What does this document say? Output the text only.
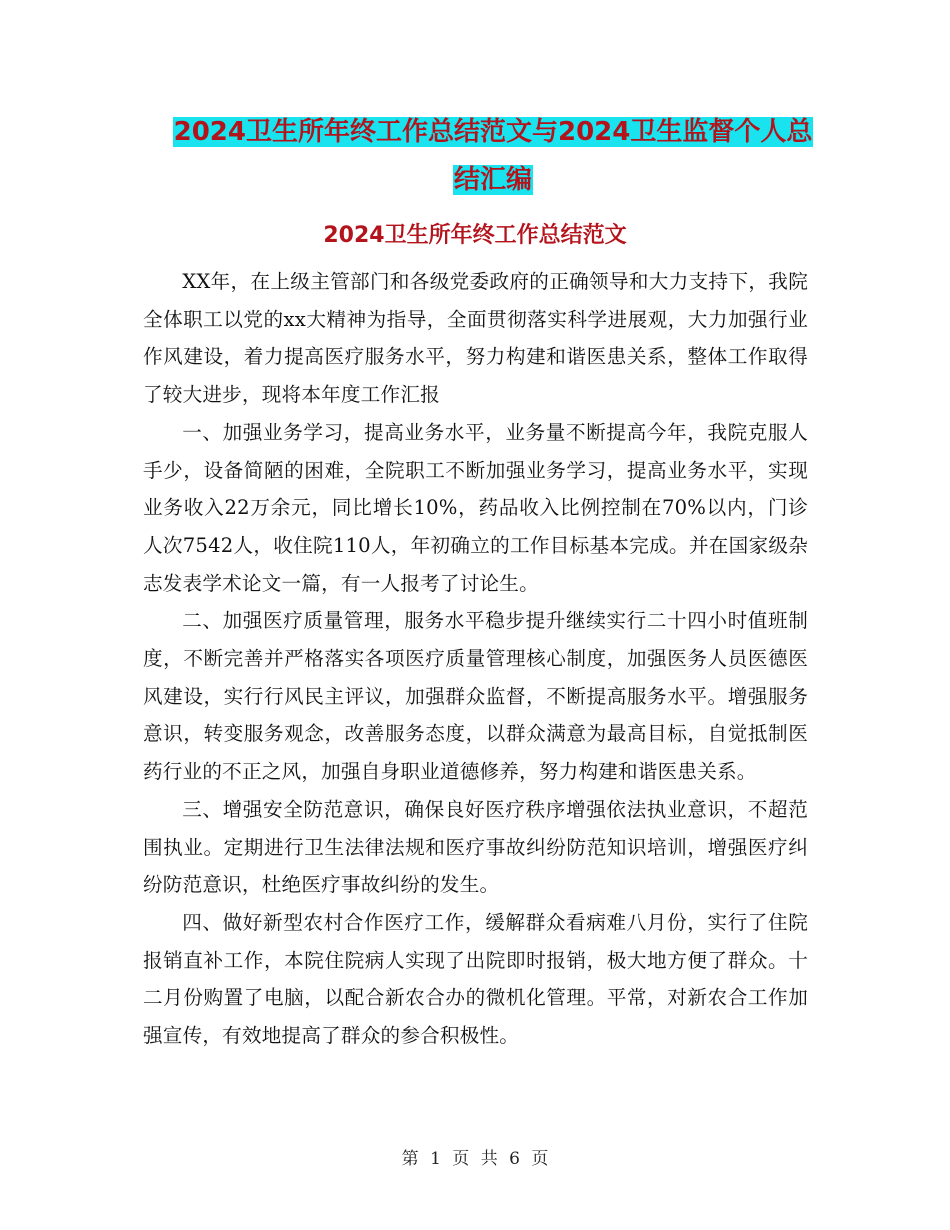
2024卫生所年终工作总结范文与2024卫生监督个人总
结汇编
2024卫生所年终工作总结范文

XX年，在上级主管部门和各级党委政府的正确领导和大力支持下，我院全体职工以党的xx大精神为指导，全面贯彻落实科学进展观，大力加强行业作风建设，着力提高医疗服务水平，努力构建和谐医患关系，整体工作取得了较大进步，现将本年度工作汇报

一、加强业务学习，提高业务水平，业务量不断提高今年，我院克服人手少，设备简陋的困难，全院职工不断加强业务学习，提高业务水平，实现业务收入22万余元，同比增长10%，药品收入比例控制在70%以内，门诊人次7542人，收住院110人，年初确立的工作目标基本完成。并在国家级杂志发表学术论文一篇，有一人报考了讨论生。

二、加强医疗质量管理，服务水平稳步提升继续实行二十四小时值班制度，不断完善并严格落实各项医疗质量管理核心制度，加强医务人员医德医风建设，实行行风民主评议，加强群众监督，不断提高服务水平。增强服务意识，转变服务观念，改善服务态度，以群众满意为最高目标，自觉抵制医药行业的不正之风，加强自身职业道德修养，努力构建和谐医患关系。

三、增强安全防范意识，确保良好医疗秩序增强依法执业意识，不超范围执业。定期进行卫生法律法规和医疗事故纠纷防范知识培训，增强医疗纠纷防范意识，杜绝医疗事故纠纷的发生。

四、做好新型农村合作医疗工作，缓解群众看病难八月份，实行了住院报销直补工作，本院住院病人实现了出院即时报销，极大地方便了群众。十二月份购置了电脑，以配合新农合办的微机化管理。平常，对新农合工作加强宣传，有效地提高了群众的参合积极性。

第 1 页 共 6 页
